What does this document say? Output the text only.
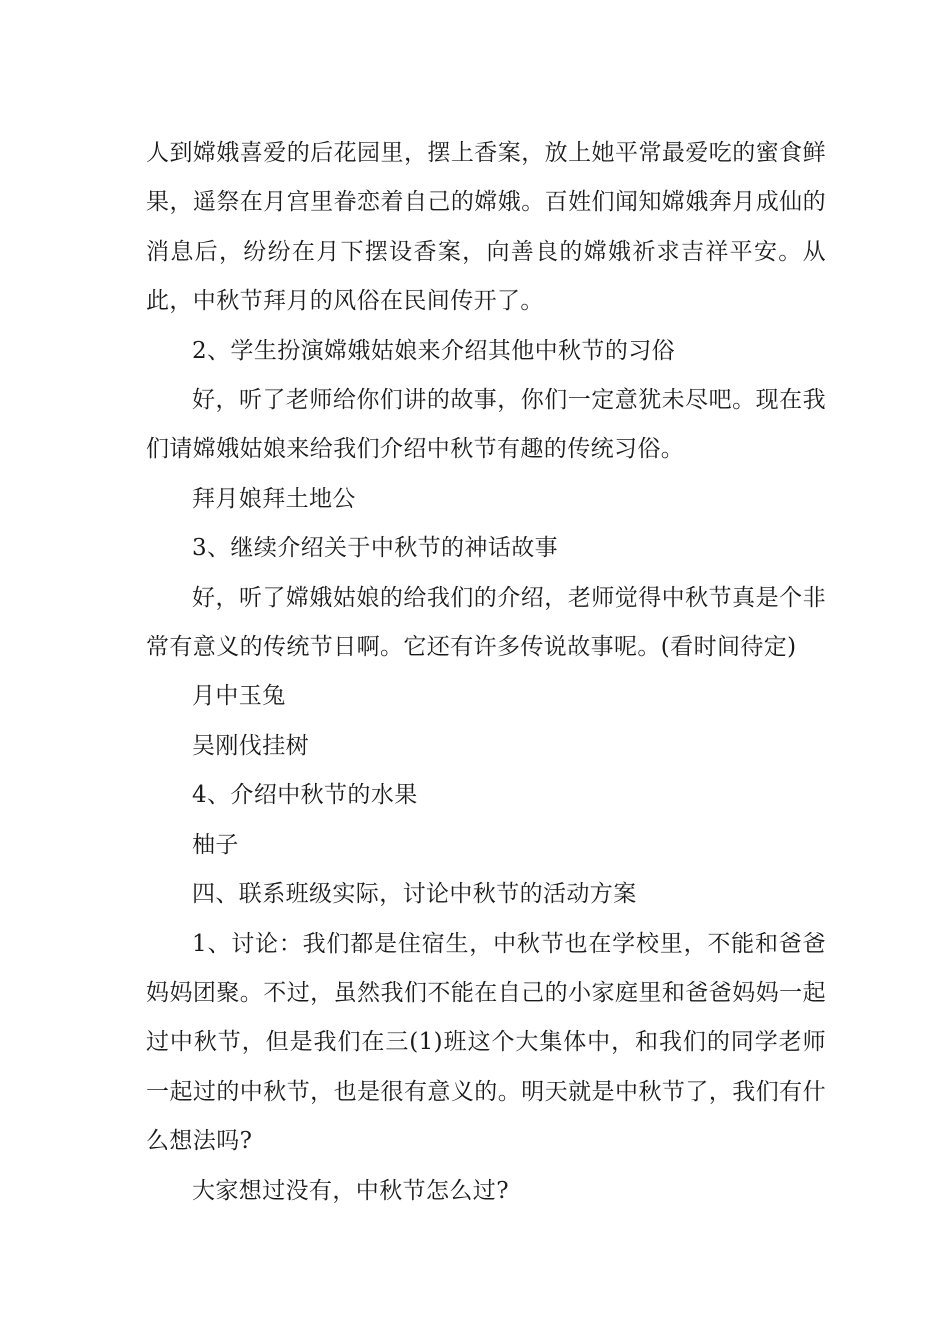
人到嫦娥喜爱的后花园里，摆上香案，放上她平常最爱吃的蜜食鲜果，遥祭在月宫里眷恋着自己的嫦娥。百姓们闻知嫦娥奔月成仙的消息后，纷纷在月下摆设香案，向善良的嫦娥祈求吉祥平安。从此，中秋节拜月的风俗在民间传开了。

2、学生扮演嫦娥姑娘来介绍其他中秋节的习俗

好，听了老师给你们讲的故事，你们一定意犹未尽吧。现在我们请嫦娥姑娘来给我们介绍中秋节有趣的传统习俗。

拜月娘拜土地公

3、继续介绍关于中秋节的神话故事

好，听了嫦娥姑娘的给我们的介绍，老师觉得中秋节真是个非常有意义的传统节日啊。它还有许多传说故事呢。(看时间待定)

月中玉兔

吴刚伐挂树

4、介绍中秋节的水果

柚子

四、联系班级实际，讨论中秋节的活动方案

1、讨论：我们都是住宿生，中秋节也在学校里，不能和爸爸妈妈团聚。不过，虽然我们不能在自己的小家庭里和爸爸妈妈一起过中秋节，但是我们在三(1)班这个大集体中，和我们的同学老师一起过的中秋节，也是很有意义的。明天就是中秋节了，我们有什么想法吗?

大家想过没有，中秋节怎么过?
